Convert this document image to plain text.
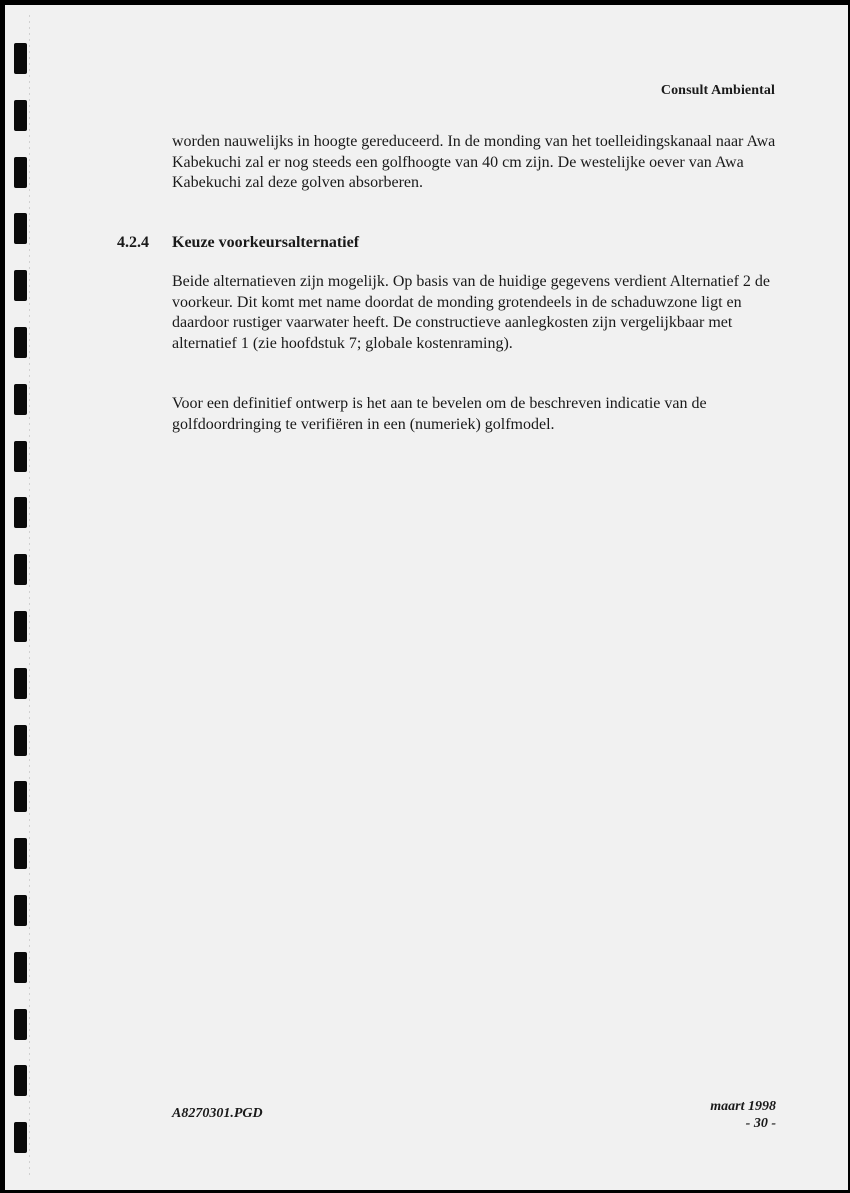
Consult Ambiental

worden nauwelijks in hoogte gereduceerd. In de monding van het toelleidingskanaal naar Awa Kabekuchi zal er nog steeds een golfhoogte van 40 cm zijn. De westelijke oever van Awa Kabekuchi zal deze golven absorberen.

4.2.4 Keuze voorkeursalternatief

Beide alternatieven zijn mogelijk. Op basis van de huidige gegevens verdient Alternatief 2 de voorkeur. Dit komt met name doordat de monding grotendeels in de schaduwzone ligt en daardoor rustiger vaarwater heeft. De constructieve aanlegkosten zijn vergelijkbaar met alternatief 1 (zie hoofdstuk 7; globale kostenraming).

Voor een definitief ontwerp is het aan te bevelen om de beschreven indicatie van de golfdoordringing te verifiëren in een (numeriek) golfmodel.

A8270301.PGD	maart 1998
- 30 -
